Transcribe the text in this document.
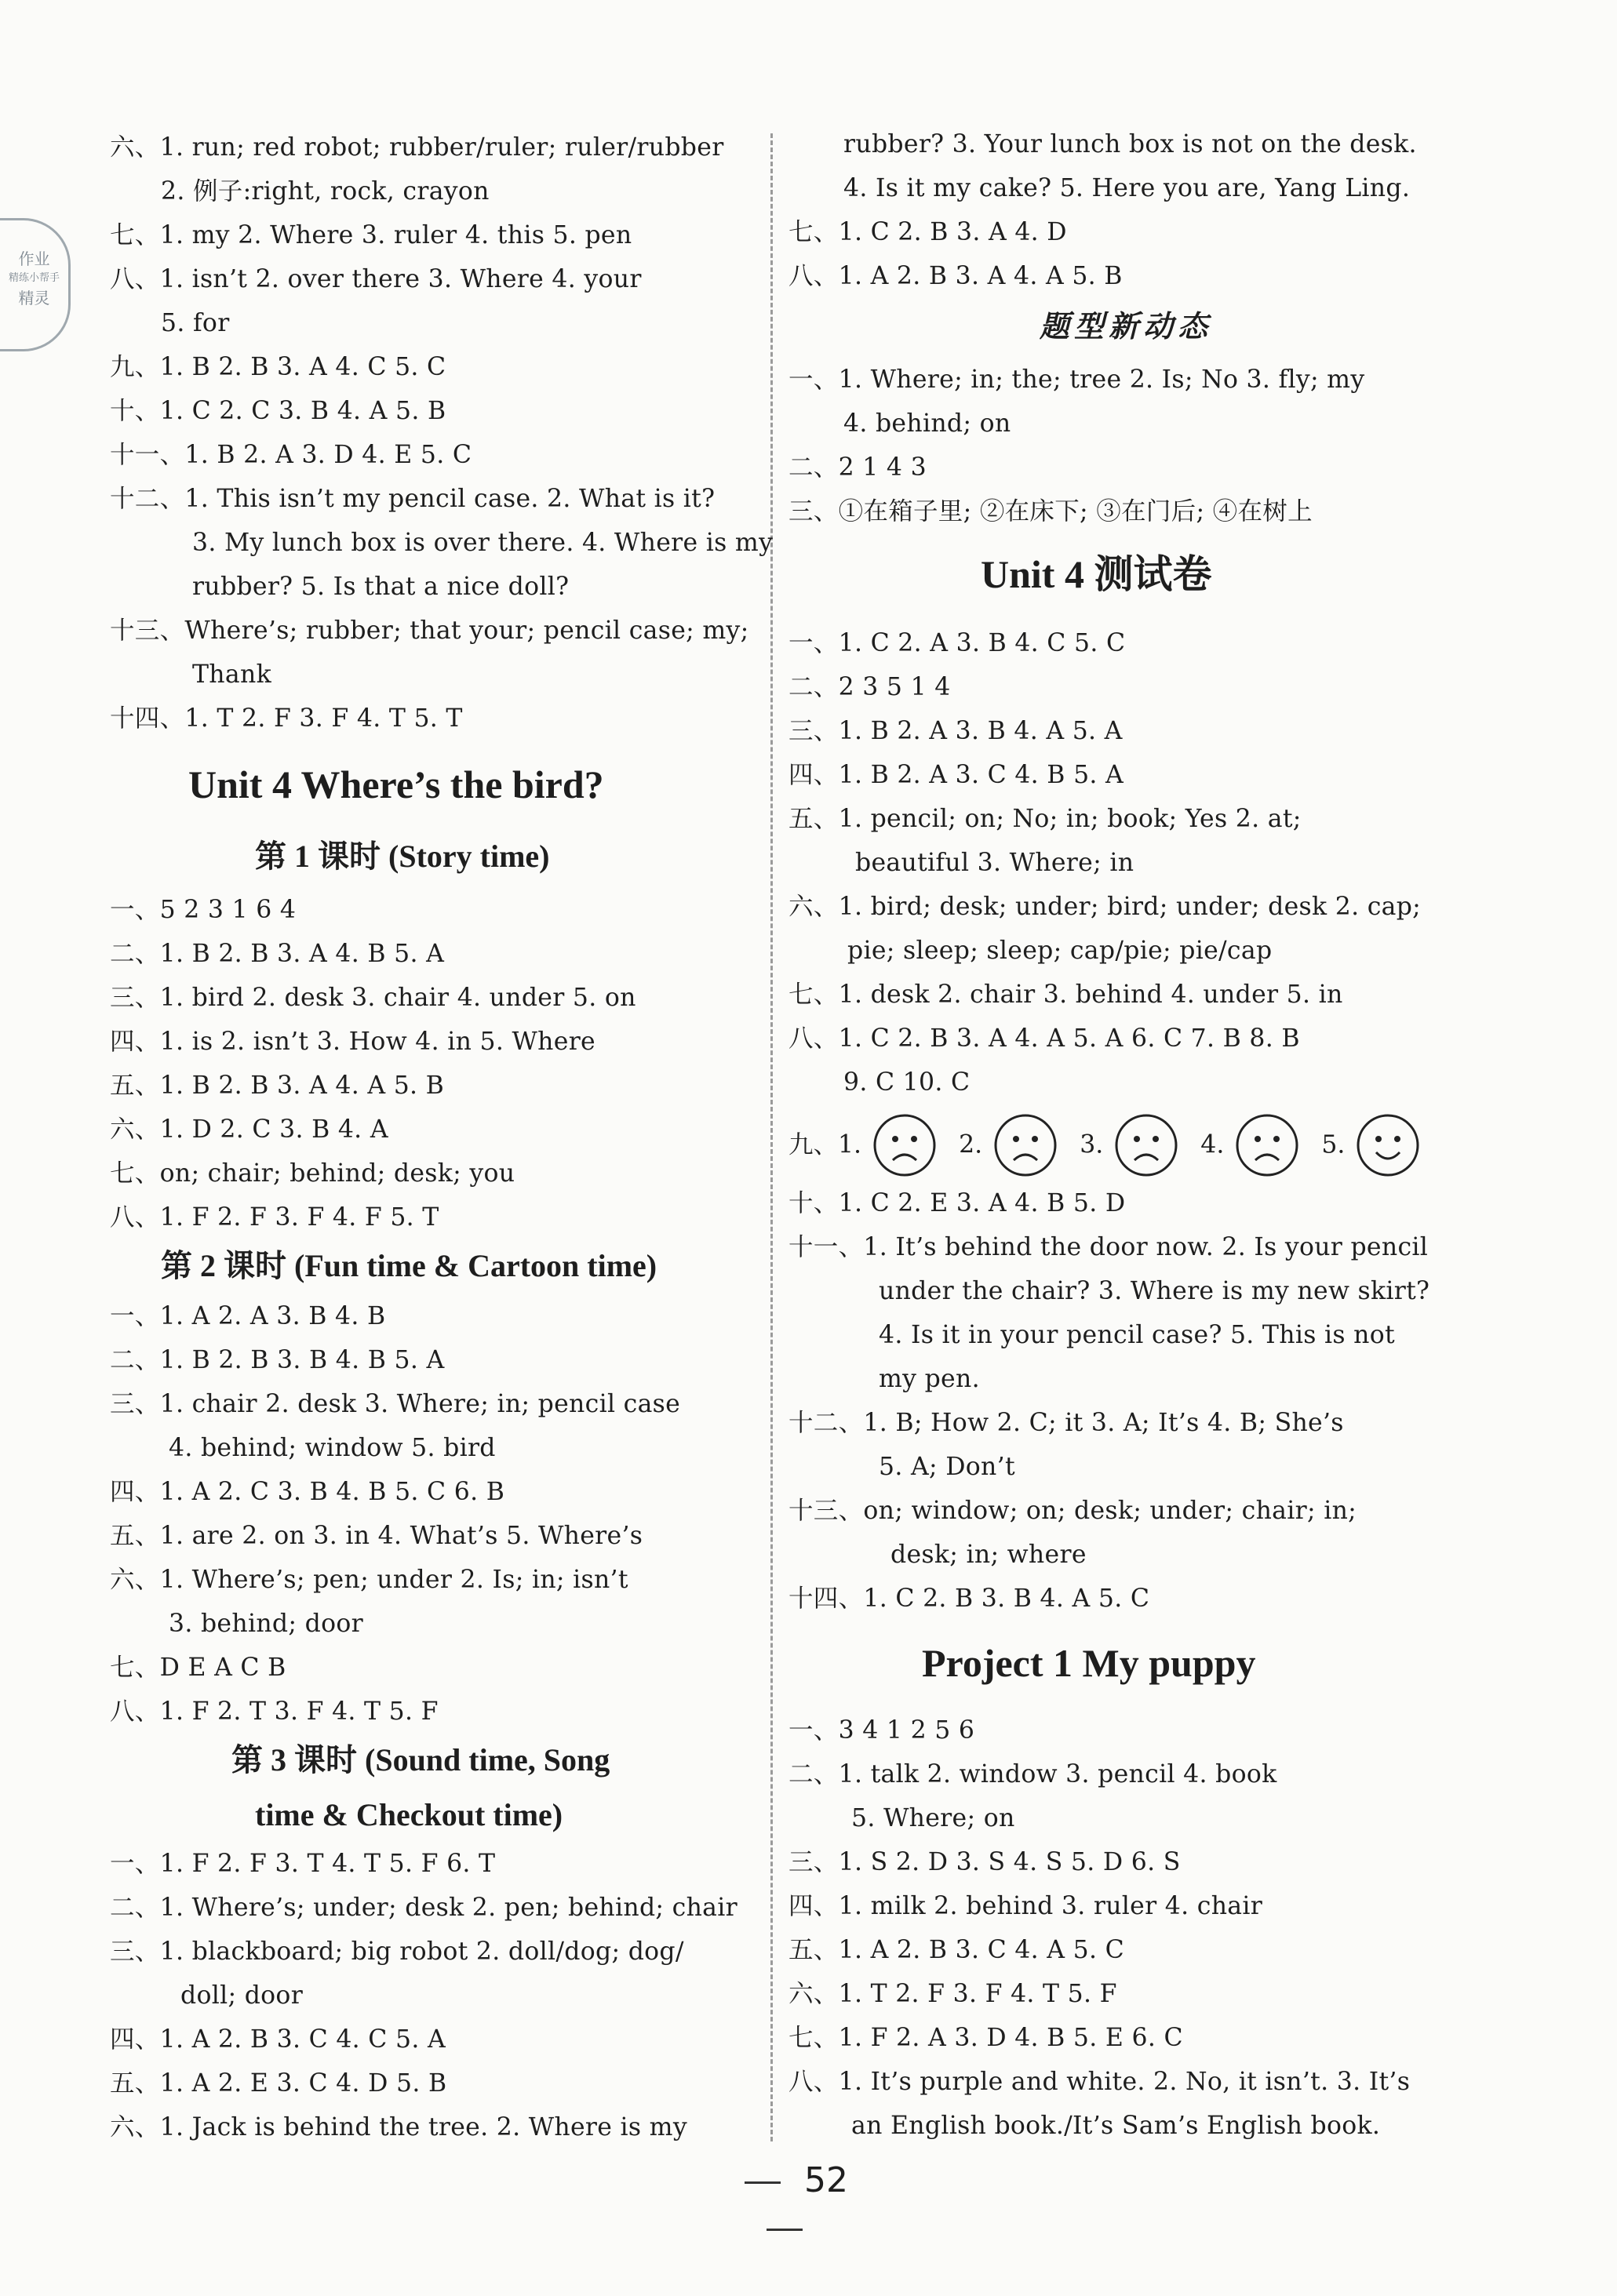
作业
精练小帮手
精灵
六、1. run; red robot; rubber/ruler; ruler/rubber
2. 例子:right, rock, crayon
七、1. my 2. Where 3. ruler 4. this 5. pen
八、1. isn’t 2. over there 3. Where 4. your
5. for
九、1. B 2. B 3. A 4. C 5. C
十、1. C 2. C 3. B 4. A 5. B
十一、1. B 2. A 3. D 4. E 5. C
十二、1. This isn’t my pencil case. 2. What is it?
3. My lunch box is over there. 4. Where is my
rubber? 5. Is that a nice doll?
十三、Where’s; rubber; that your; pencil case; my;
Thank
十四、1. T 2. F 3. F 4. T 5. T
Unit 4 Where’s the bird?
第 1 课时 (Story time)
一、5 2 3 1 6 4
二、1. B 2. B 3. A 4. B 5. A
三、1. bird 2. desk 3. chair 4. under 5. on
四、1. is 2. isn’t 3. How 4. in 5. Where
五、1. B 2. B 3. A 4. A 5. B
六、1. D 2. C 3. B 4. A
七、on; chair; behind; desk; you
八、1. F 2. F 3. F 4. F 5. T
第 2 课时 (Fun time & Cartoon time)
一、1. A 2. A 3. B 4. B
二、1. B 2. B 3. B 4. B 5. A
三、1. chair 2. desk 3. Where; in; pencil case
4. behind; window 5. bird
四、1. A 2. C 3. B 4. B 5. C 6. B
五、1. are 2. on 3. in 4. What’s 5. Where’s
六、1. Where’s; pen; under 2. Is; in; isn’t
3. behind; door
七、D E A C B
八、1. F 2. T 3. F 4. T 5. F
第 3 课时 (Sound time, Song
time & Checkout time)
一、1. F 2. F 3. T 4. T 5. F 6. T
二、1. Where’s; under; desk 2. pen; behind; chair
三、1. blackboard; big robot 2. doll/dog; dog/
doll; door
四、1. A 2. B 3. C 4. C 5. A
五、1. A 2. E 3. C 4. D 5. B
六、1. Jack is behind the tree. 2. Where is my
rubber? 3. Your lunch box is not on the desk.
4. Is it my cake? 5. Here you are, Yang Ling.
七、1. C 2. B 3. A 4. D
八、1. A 2. B 3. A 4. A 5. B
题型新动态
一、1. Where; in; the; tree 2. Is; No 3. fly; my
4. behind; on
二、2 1 4 3
三、①在箱子里; ②在床下; ③在门后; ④在树上
Unit 4 测试卷
一、1. C 2. A 3. B 4. C 5. C
二、2 3 5 1 4
三、1. B 2. A 3. B 4. A 5. A
四、1. B 2. A 3. C 4. B 5. A
五、1. pencil; on; No; in; book; Yes 2. at;
beautiful 3. Where; in
六、1. bird; desk; under; bird; under; desk 2. cap;
pie; sleep; sleep; cap/pie; pie/cap
七、1. desk 2. chair 3. behind 4. under 5. in
八、1. C 2. B 3. A 4. A 5. A 6. C 7. B 8. B
9. C 10. C
九、1.	2.	3.	4.	5.
十、1. C 2. E 3. A 4. B 5. D
十一、1. It’s behind the door now. 2. Is your pencil
under the chair? 3. Where is my new skirt?
4. Is it in your pencil case? 5. This is not
my pen.
十二、1. B; How 2. C; it 3. A; It’s 4. B; She’s
5. A; Don’t
十三、on; window; on; desk; under; chair; in;
desk; in; where
十四、1. C 2. B 3. B 4. A 5. C
Project 1 My puppy
一、3 4 1 2 5 6
二、1. talk 2. window 3. pencil 4. book
5. Where; on
三、1. S 2. D 3. S 4. S 5. D 6. S
四、1. milk 2. behind 3. ruler 4. chair
五、1. A 2. B 3. C 4. A 5. C
六、1. T 2. F 3. F 4. T 5. F
七、1. F 2. A 3. D 4. B 5. E 6. C
八、1. It’s purple and white. 2. No, it isn’t. 3. It’s
an English book./It’s Sam’s English book.
52
